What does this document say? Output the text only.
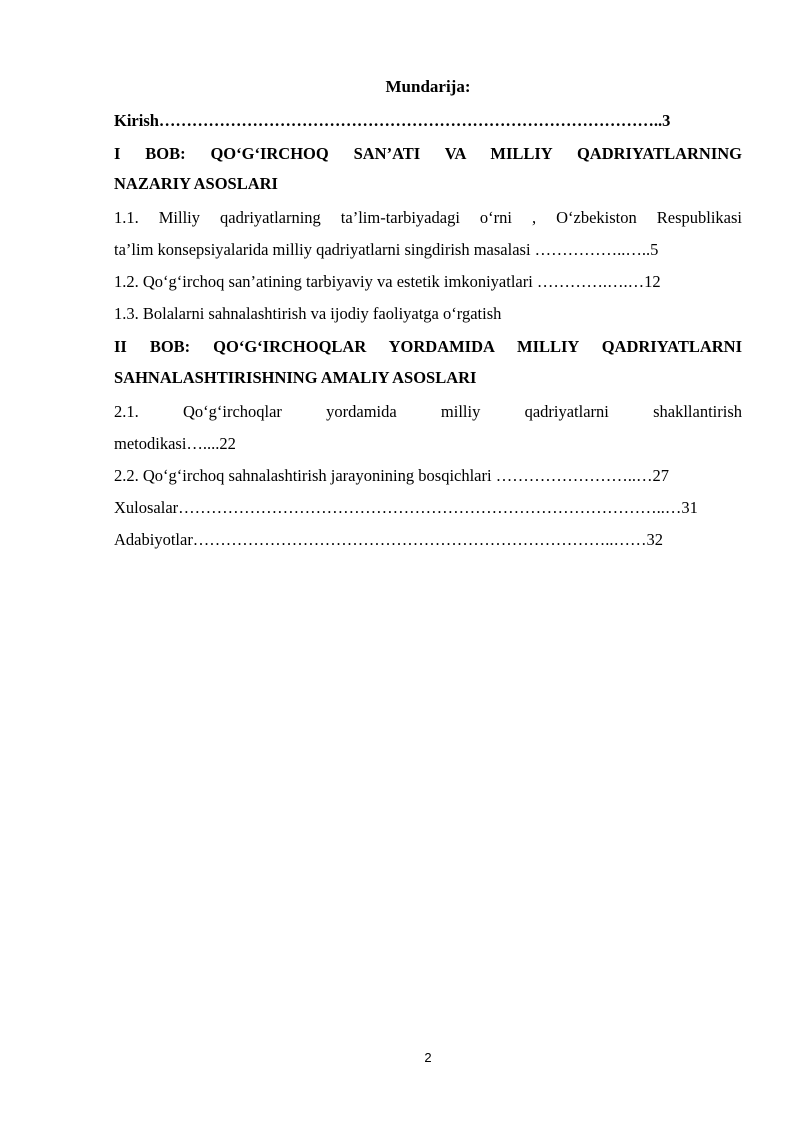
Mundarija:
Kirish………………………………………………………………………………..3
I BOB: QO‘G‘IRCHOQ SAN’ATI VA MILLIY QADRIYATLARNING
NAZARIY ASOSLARI
1.1. Milliy qadriyatlarning ta’lim-tarbiyadagi o‘rni , O‘zbekiston Respublikasi
ta’lim konsepsiyalarida milliy qadriyatlarni singdirish masalasi ……………..…..5
1.2. Qo‘g‘irchoq san’atining tarbiyaviy va estetik imkoniyatlari ………….….…12
1.3. Bolalarni sahnalashtirish va ijodiy faoliyatga o‘rgatish
II BOB: QO‘G‘IRCHOQLAR YORDAMIDA MILLIY QADRIYATLARNI
SAHNALASHTIRISHNING AMALIY ASOSLARI
2.1. Qo‘g‘irchoqlar yordamida milliy qadriyatlarni shakllantirish
metodikasi…....22
2.2. Qo‘g‘irchoq sahnalashtirish jarayonining bosqichlari ……………………..…27
Xulosalar……………………………………………………………………………..…31
Adabiyotlar…………………………………………………………………..……32
2
